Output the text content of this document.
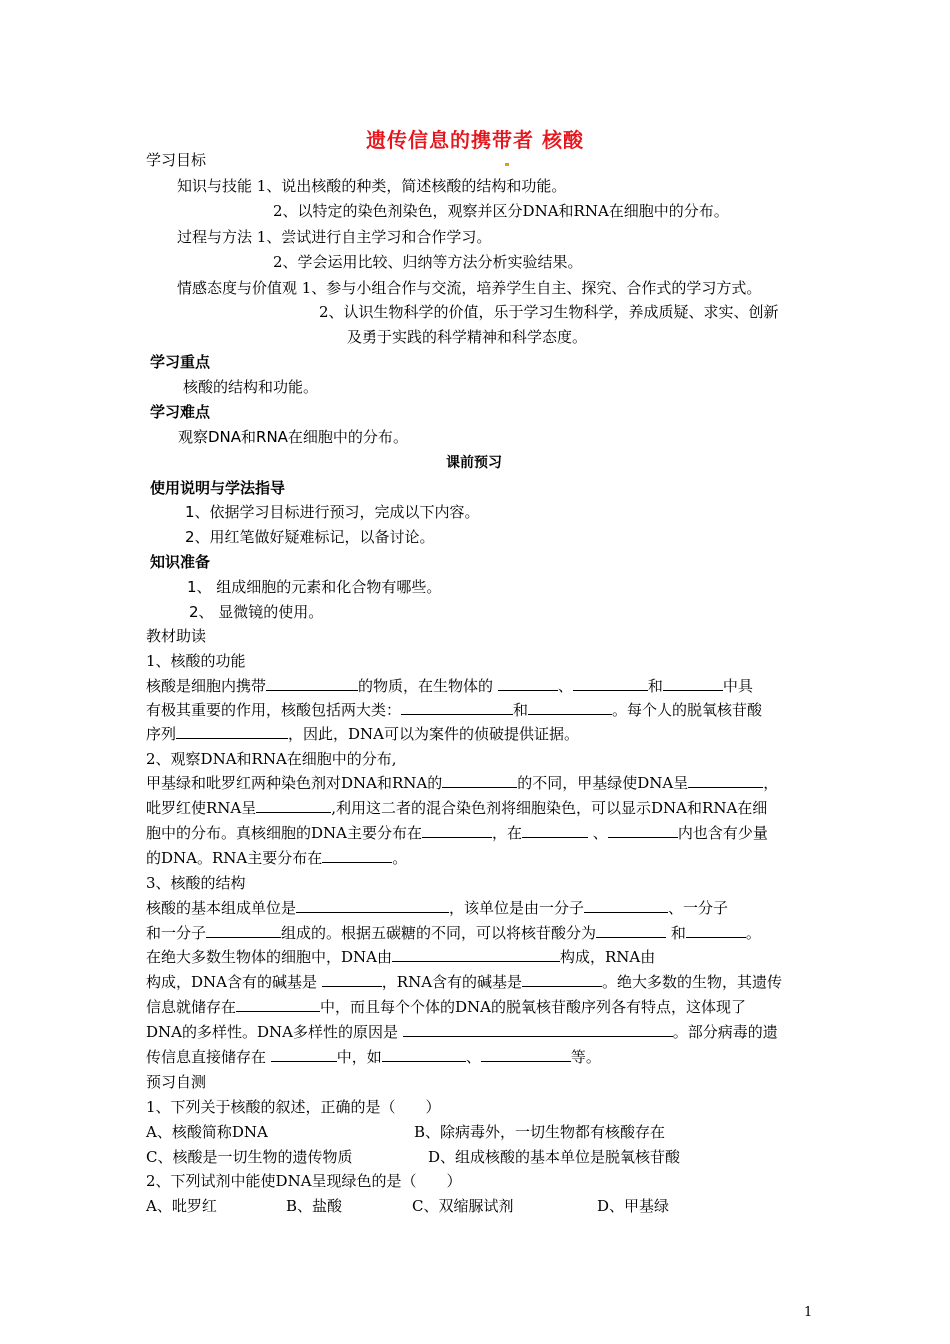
遗传信息的携带者 核酸
学习目标
知识与技能 1、说出核酸的种类，简述核酸的结构和功能。
2、以特定的染色剂染色，观察并区分DNA和RNA在细胞中的分布。
过程与方法 1、尝试进行自主学习和合作学习。
2、学会运用比较、归纳等方法分析实验结果。
情感态度与价值观 1、参与小组合作与交流，培养学生自主、探究、合作式的学习方式。
2、认识生物科学的价值，乐于学习生物科学，养成质疑、求实、创新
及勇于实践的科学精神和科学态度。
学习重点
核酸的结构和功能。
学习难点
观察DNA和RNA在细胞中的分布。
课前预习
使用说明与学法指导
1、依据学习目标进行预习，完成以下内容。
2、用红笔做好疑难标记，以备讨论。
知识准备
1、 组成细胞的元素和化合物有哪些。
2、 显微镜的使用。
教材助读
1、核酸的功能
核酸是细胞内携带	的物质，在生物体的	、	和	中具
有极其重要的作用，核酸包括两大类：	和	。每个人的脱氧核苷酸
序列	，因此，DNA可以为案件的侦破提供证据。
2、观察DNA和RNA在细胞中的分布,
甲基绿和吡罗红两种染色剂对DNA和RNA的	的不同，甲基绿使DNA呈	，
吡罗红使RNA呈	,利用这二者的混合染色剂将细胞染色，可以显示DNA和RNA在细
胞中的分布。真核细胞的DNA主要分布在	，在	、	内也含有少量
的DNA。RNA主要分布在	。
3、核酸的结构
核酸的基本组成单位是	，该单位是由一分子	、一分子
和一分子	组成的。根据五碳糖的不同，可以将核苷酸分为	和	。
在绝大多数生物体的细胞中，DNA由	构成，RNA由
构成，DNA含有的碱基是	，RNA含有的碱基是	。绝大多数的生物，其遗传
信息就储存在	中，而且每个个体的DNA的脱氧核苷酸序列各有特点，这体现了
DNA的多样性。DNA多样性的原因是	。部分病毒的遗
传信息直接储存在	中，如	、	等。
预习自测
1、下列关于核酸的叙述，正确的是（　　）
A、核酸简称DNA	B、除病毒外，一切生物都有核酸存在
C、核酸是一切生物的遗传物质	D、组成核酸的基本单位是脱氧核苷酸
2、下列试剂中能使DNA呈现绿色的是（　　）
A、吡罗红	B、盐酸	C、双缩脲试剂	D、甲基绿
1
